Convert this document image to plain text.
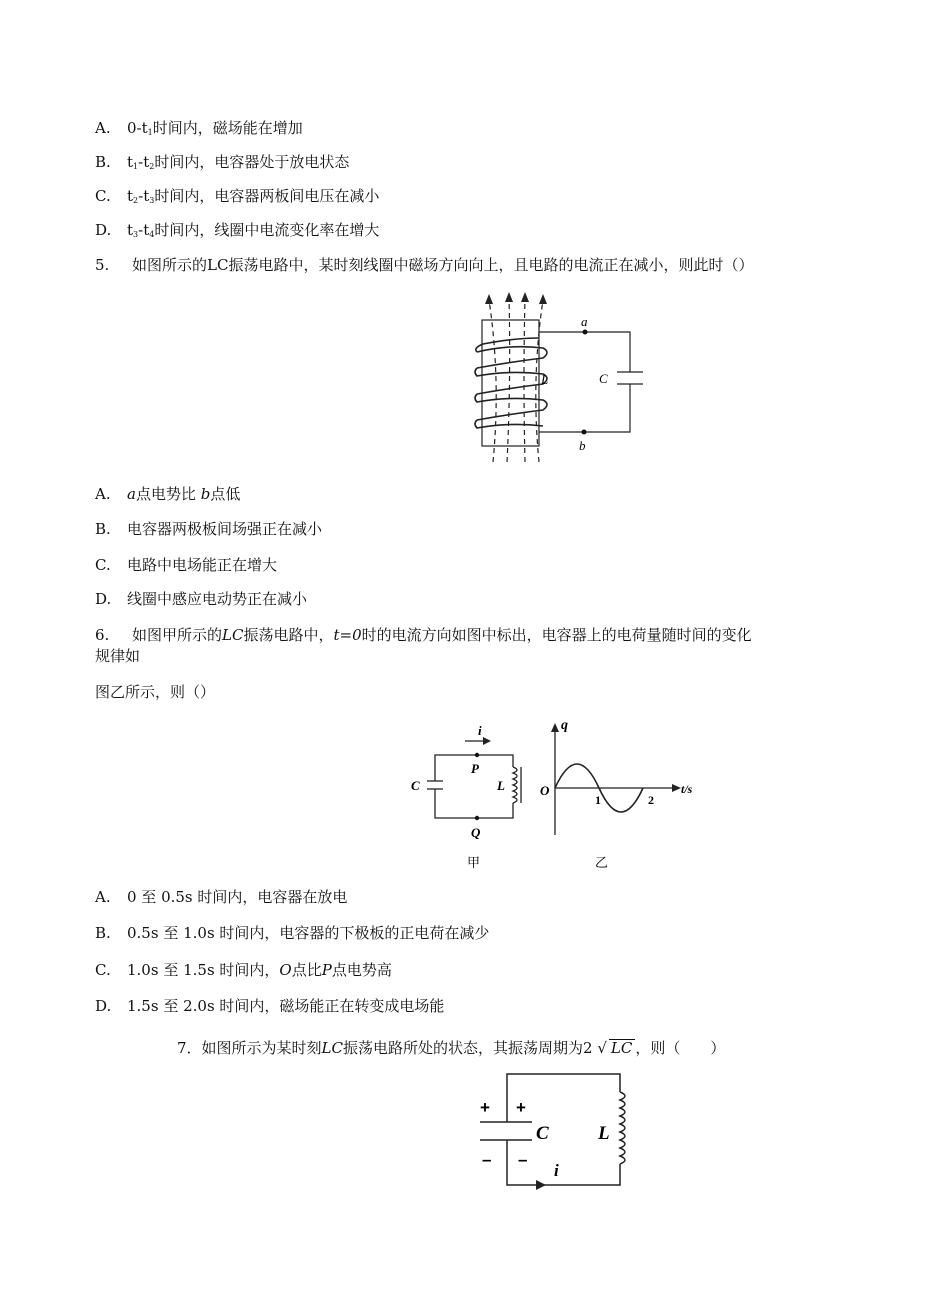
A. $0-t_1$时间内，磁场能在增加
B. $t_1-t_2$时间内，电容器处于放电状态
C. $t_2-t_3$时间内，电容器两板间电压在减小
D. $t_3-t_4$时间内，线圈中电流变化率在增大
5. 如图所示的LC振荡电路中，某时刻线圈中磁场方向向上，且电路的电流正在减小，则此时（）
a
b
L	C
A. a点电势比 b点低
B. 电容器两极板间场强正在减小
C. 电路中电场能正在增大
D. 线圈中感应电动势正在减小
6. 如图甲所示的LC振荡电路中，t=0时的电流方向如图中标出，电容器上的电荷量随时间的变化
规律如
图乙所示，则（）
i
P
Q
C	L
甲
q
O	t/s
1	2
乙
A. 0 至 0.5s 时间内，电容器在放电
B. 0.5s 至 1.0s 时间内，电容器的下极板的正电荷在减少
C. 1.0s 至 1.5s 时间内，O点比P点电势高
D. 1.5s 至 2.0s 时间内，磁场能正在转变成电场能
7．如图所示为某时刻LC振荡电路所处的状态，其振荡周期为2 √ LC ，则（　　）
+ +
– –
C	L
i
